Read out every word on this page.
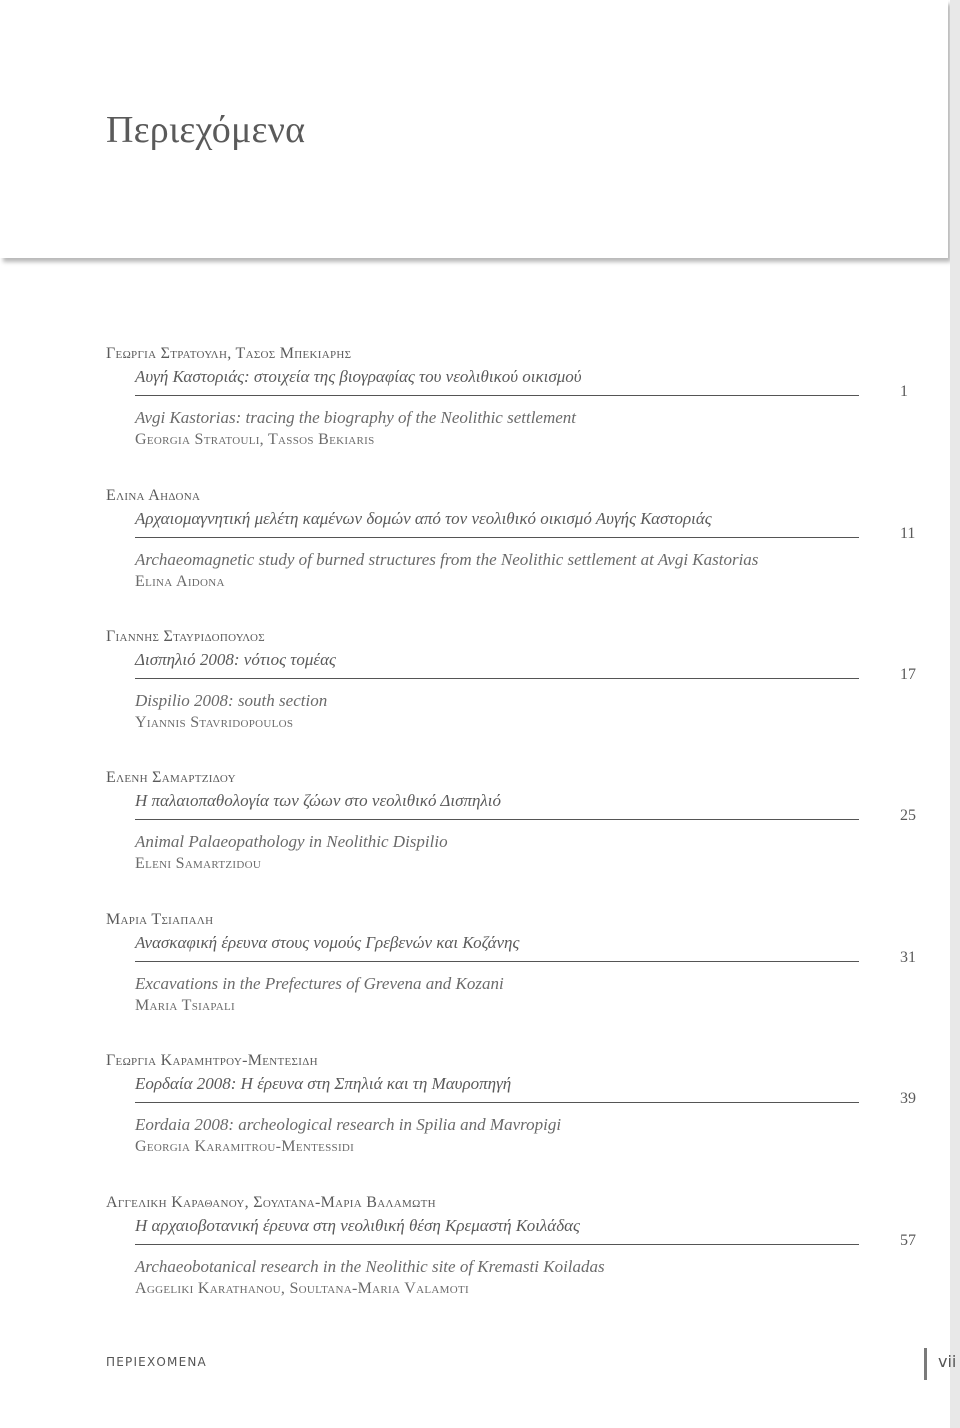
Περιεχόμενα
Γεωργια Στρατουλη, Τασος Μπεκιαρης
Αυγή Καστοριάς: στοιχεία της βιογραφίας του νεολιθικού οικισμού
1
Avgi Kastorias: tracing the biography of the Neolithic settlement
Georgia Stratouli, Tassos Bekiaris
Ελινα Αηδονα
Αρχαιομαγνητική μελέτη καμένων δομών από τον νεολιθικό οικισμό Αυγής Καστοριάς
11
Archaeomagnetic study of burned structures from the Neolithic settlement at Avgi Kastorias
Elina Aidona
Γιαννης Σταυριδοπουλος
Δισπηλιό 2008: νότιος τομέας
17
Dispilio 2008: south section
Yiannis Stavridopoulos
Ελενη Σαμαρτζιδου
Η παλαιοπαθολογία των ζώων στο νεολιθικό Δισπηλιό
25
Animal Palaeopathology in Neolithic Dispilio
Eleni Samartzidou
Μαρια Τσιαπαλη
Ανασκαφική έρευνα στους νομούς Γρεβενών και Κοζάνης
31
Excavations in the Prefectures of Grevena and Kozani
Maria Tsiapali
Γεωργια Καραμητρου-Μεντεσιδη
Εορδαία 2008: Η έρευνα στη Σπηλιά και τη Μαυροπηγή
39
Eordaia 2008: archeological research in Spilia and Mavropigi
Georgia Karamitrou-Mentessidi
Αγγελικη Καραθανου, Σουλτανα-Μαρια Βαλαμωτη
Η αρχαιοβοτανική έρευνα στη νεολιθική θέση Κρεμαστή Κοιλάδας
57
Archaeobotanical research in the Neolithic site of Kremasti Koiladas
Aggeliki Karathanou, Soultana-Maria Valamoti
ΠΕΡΙΕΧΟΜΕΝΑ	vii
